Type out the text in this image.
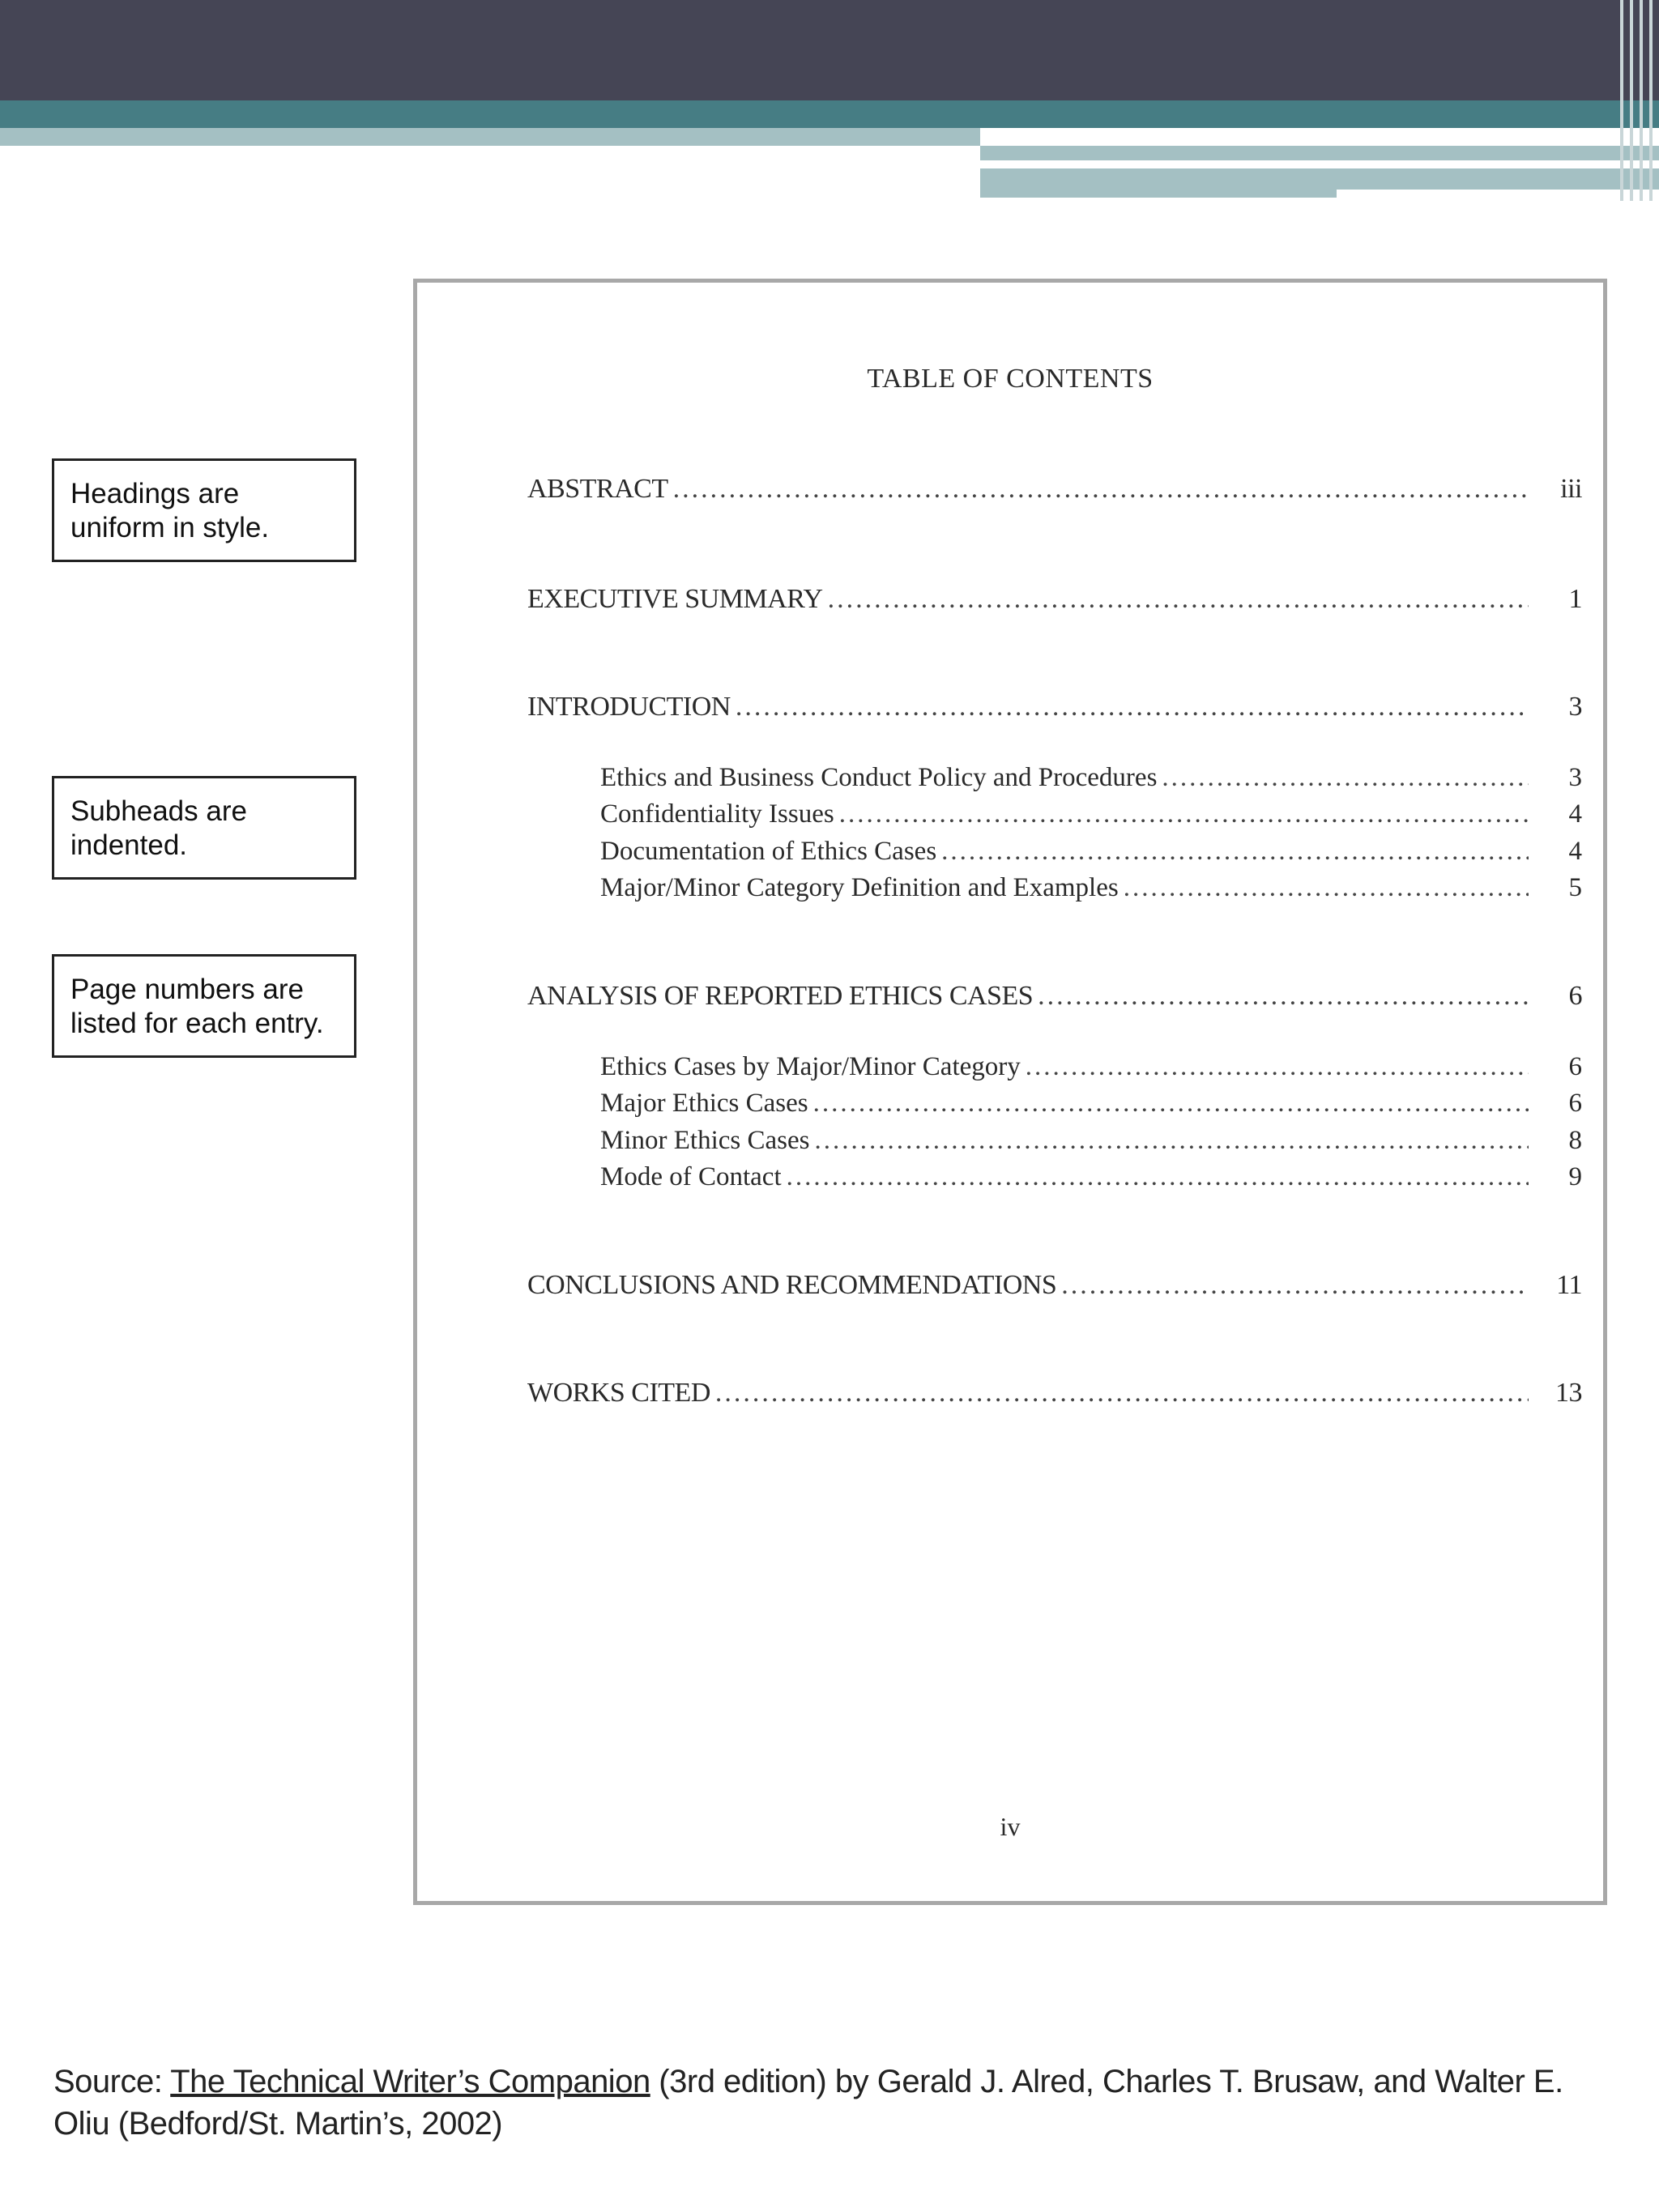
Headings are uniform in style.
Subheads are indented.
Page numbers are listed for each entry.
TABLE OF CONTENTS
ABSTRACT .....	iii
EXECUTIVE SUMMARY .....	1
INTRODUCTION .....	3
Ethics and Business Conduct Policy and Procedures .....	3
Confidentiality Issues .....	4
Documentation of Ethics Cases .....	4
Major/Minor Category Definition and Examples .....	5
ANALYSIS OF REPORTED ETHICS CASES .....	6
Ethics Cases by Major/Minor Category .....	6
Major Ethics Cases .....	6
Minor Ethics Cases .....	8
Mode of Contact .....	9
CONCLUSIONS AND RECOMMENDATIONS .....	11
WORKS CITED .....	13
iv
Source: The Technical Writer’s Companion (3rd edition) by Gerald J. Alred, Charles T. Brusaw, and Walter E. Oliu (Bedford/St. Martin’s, 2002)
